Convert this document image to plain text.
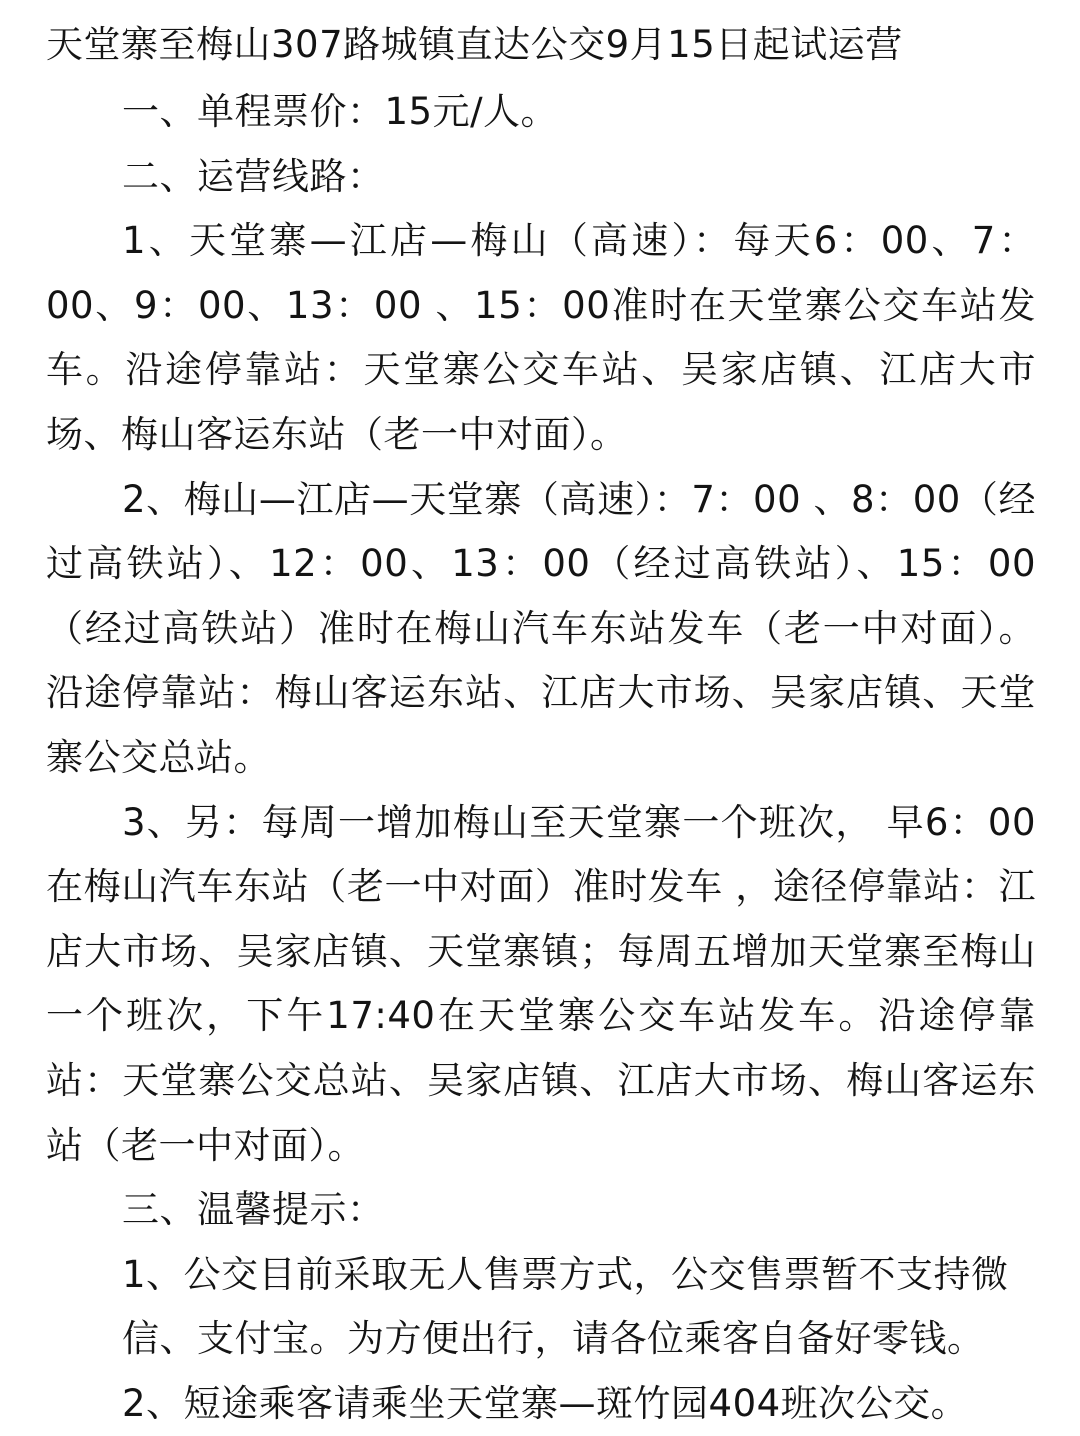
天堂寨至梅山307路城镇直达公交9月15日起试运营

一、单程票价：15元/人。

二、运营线路：

1、天堂寨—江店—梅山（高速）：每天6：00、7：00、9：00、13：00 、15：00准时在天堂寨公交车站发车。沿途停靠站：天堂寨公交车站、吴家店镇、江店大市场、梅山客运东站（老一中对面）。

2、梅山—江店—天堂寨（高速）：7：00 、8：00（经过高铁站）、12：00、13：00（经过高铁站）、15：00（经过高铁站）准时在梅山汽车东站发车（老一中对面）。沿途停靠站：梅山客运东站、江店大市场、吴家店镇、天堂寨公交总站。

3、另：每周一增加梅山至天堂寨一个班次， 早6：00在梅山汽车东站（老一中对面）准时发车 ，途径停靠站：江店大市场、吴家店镇、天堂寨镇；每周五增加天堂寨至梅山一个班次，下午17:40在天堂寨公交车站发车。沿途停靠站：天堂寨公交总站、吴家店镇、江店大市场、梅山客运东站（老一中对面）。

三、温馨提示：

1、公交目前采取无人售票方式，公交售票暂不支持微信、支付宝。为方便出行，请各位乘客自备好零钱。

2、短途乘客请乘坐天堂寨—斑竹园404班次公交。
